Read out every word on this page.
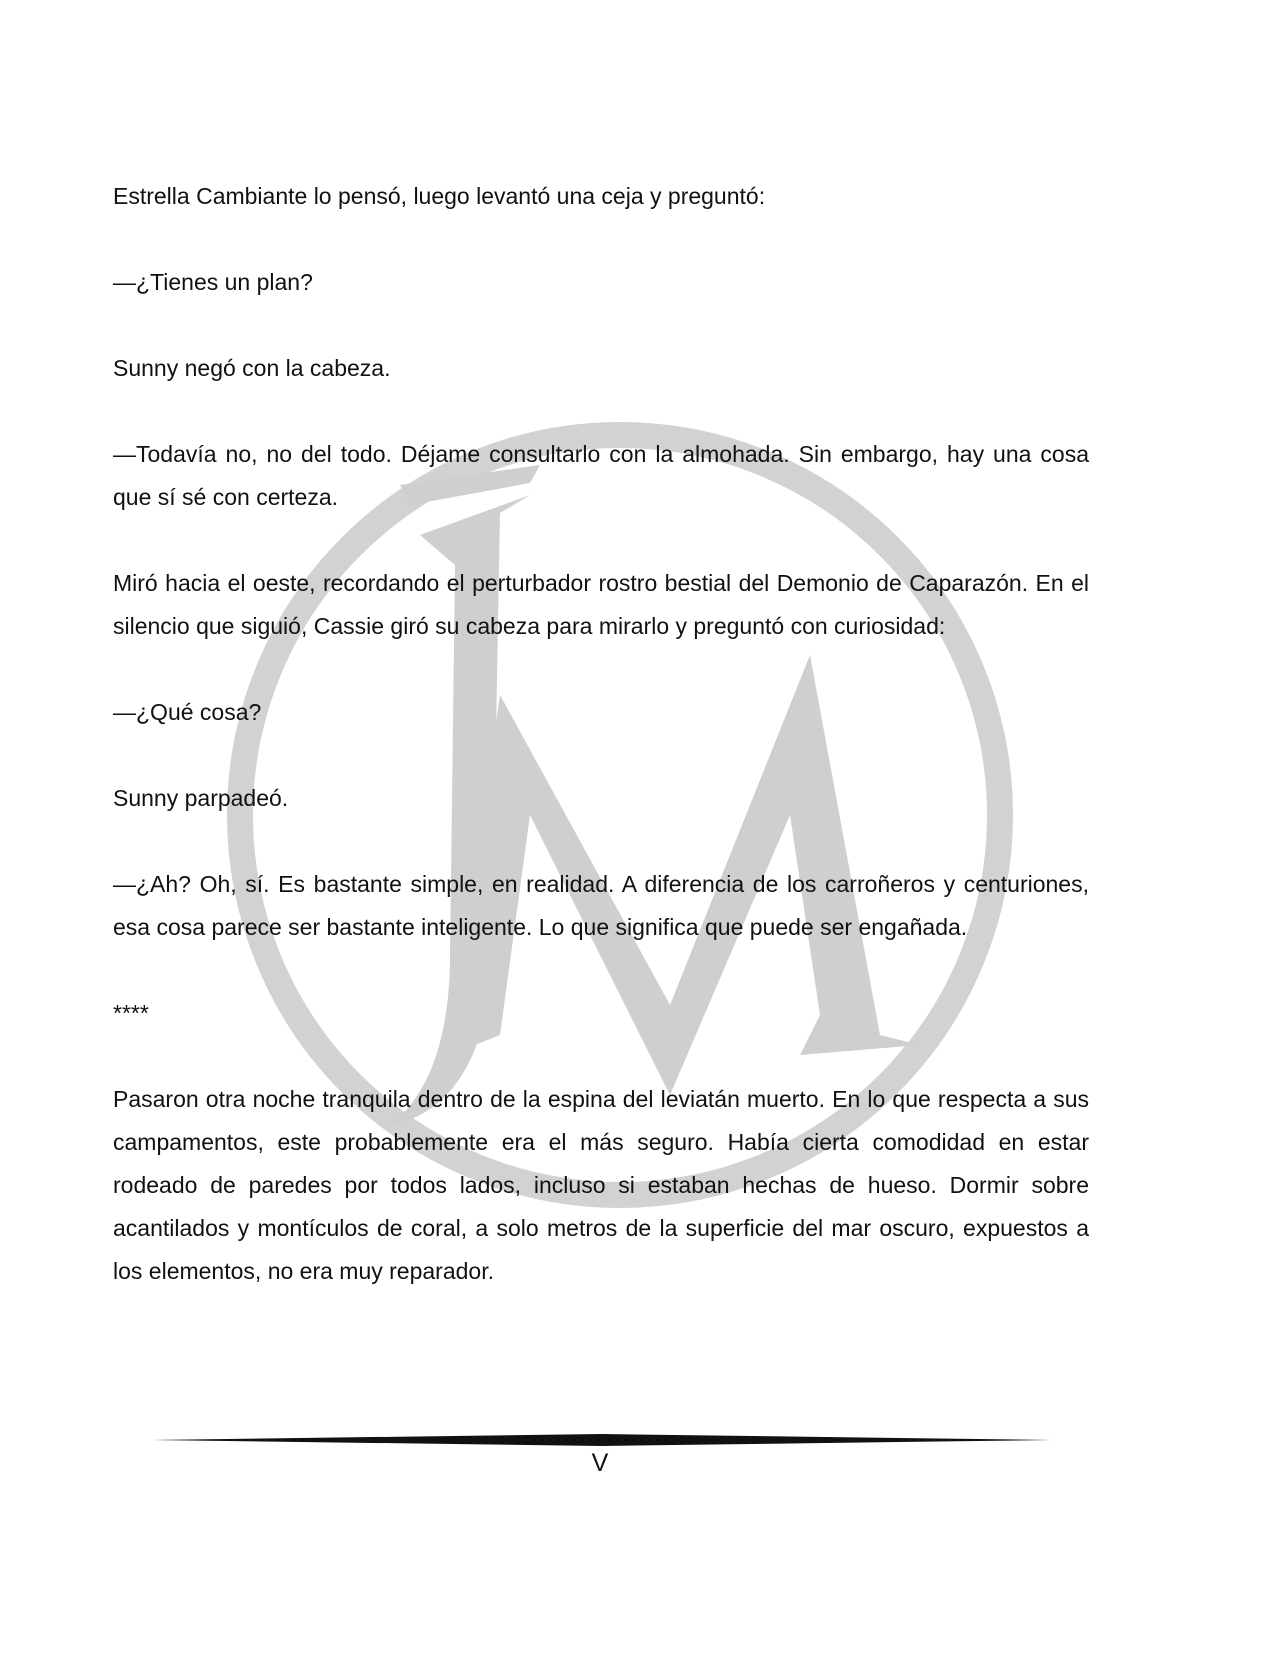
Estrella Cambiante lo pensó, luego levantó una ceja y preguntó:

—¿Tienes un plan?

Sunny negó con la cabeza.

—Todavía no, no del todo. Déjame consultarlo con la almohada. Sin embargo, hay una cosa que sí sé con certeza.

Miró hacia el oeste, recordando el perturbador rostro bestial del Demonio de Caparazón. En el silencio que siguió, Cassie giró su cabeza para mirarlo y preguntó con curiosidad:

—¿Qué cosa?

Sunny parpadeó.

—¿Ah? Oh, sí. Es bastante simple, en realidad. A diferencia de los carroñeros y centuriones, esa cosa parece ser bastante inteligente. Lo que significa que puede ser engañada.

****

Pasaron otra noche tranquila dentro de la espina del leviatán muerto. En lo que respecta a sus campamentos, este probablemente era el más seguro. Había cierta comodidad en estar rodeado de paredes por todos lados, incluso si estaban hechas de hueso. Dormir sobre acantilados y montículos de coral, a solo metros de la superficie del mar oscuro, expuestos a los elementos, no era muy reparador.

V
